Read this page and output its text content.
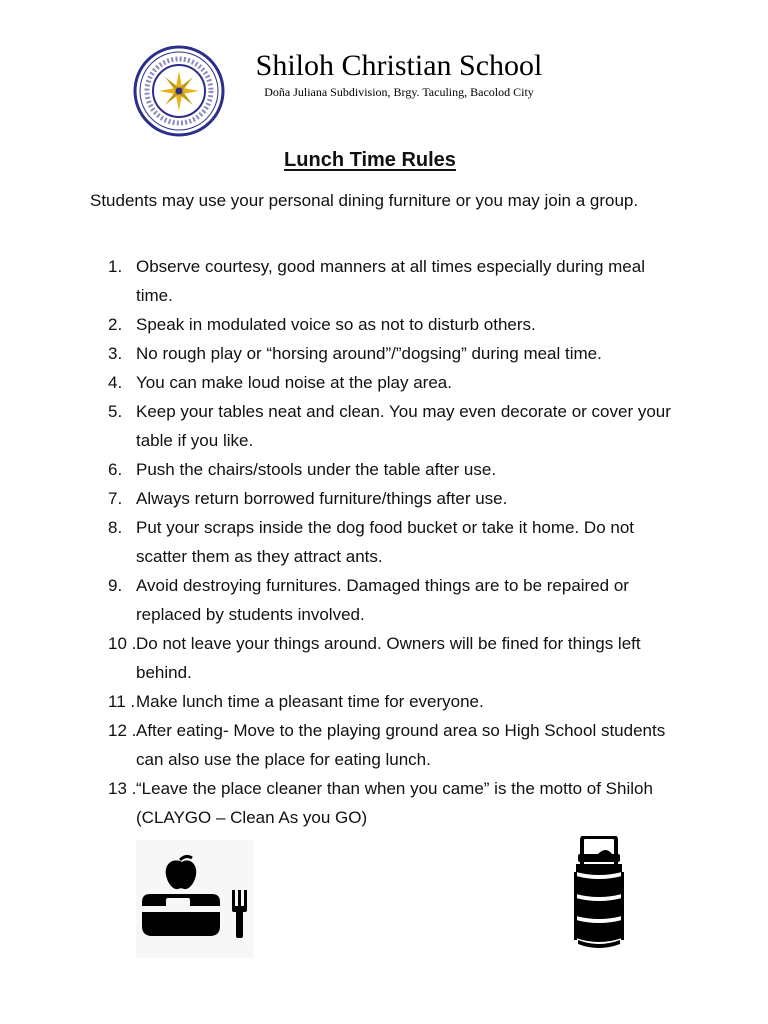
Shiloh Christian School
Doña Juliana Subdivision, Brgy. Taculing, Bacolod City
Lunch Time Rules

Students may use your personal dining furniture or you may join a group.

1. Observe courtesy, good manners at all times especially during meal time.
2. Speak in modulated voice so as not to disturb others.
3. No rough play or “horsing around”/”dogsing” during meal time.
4. You can make loud noise at the play area.
5. Keep your tables neat and clean. You may even decorate or cover your table if you like.
6. Push the chairs/stools under the table after use.
7. Always return borrowed furniture/things after use.
8. Put your scraps inside the dog food bucket or take it home. Do not scatter them as they attract ants.
9. Avoid destroying furnitures. Damaged things are to be repaired or replaced by students involved.
10 . Do not leave your things around. Owners will be fined for things left behind.
11 . Make lunch time a pleasant time for everyone.
12 . After eating- Move to the playing ground area so High School students can also use the place for eating lunch.
13 . “Leave the place cleaner than when you came” is the motto of Shiloh (CLAYGO – Clean As you GO)
